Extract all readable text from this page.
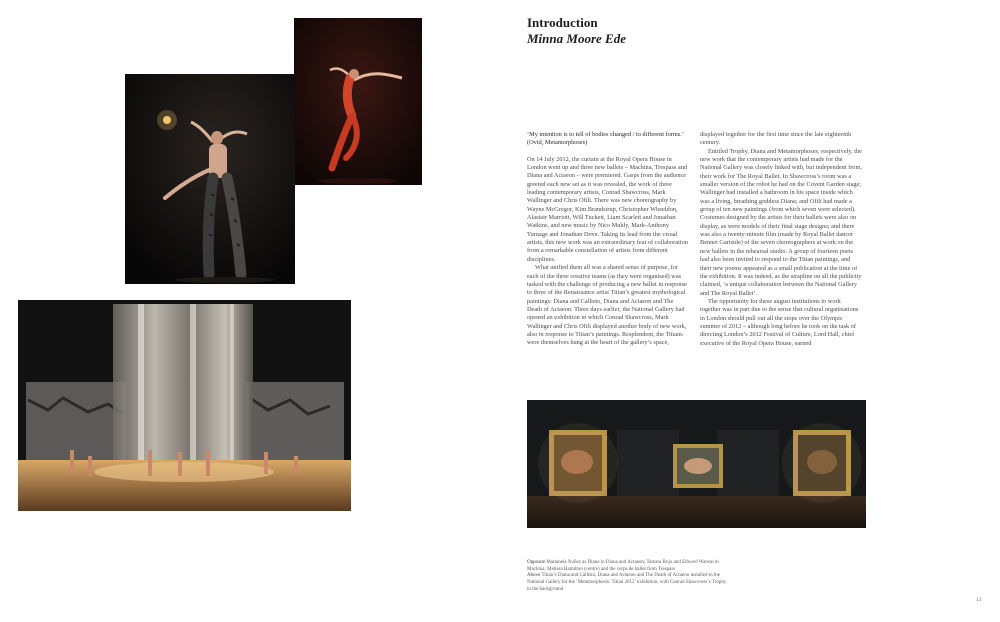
Introduction
Minna Moore Ede

‘My intention is to tell of bodies changed / to different forms.’ (Ovid, Metamorphoses)

On 14 July 2012, the curtain at the Royal Opera House in London went up and three new ballets – Machina, Trespass and Diana and Actaeon – were premiered. Gasps from the audience greeted each new set as it was revealed, the work of three leading contemporary artists, Conrad Shawcross, Mark Wallinger and Chris Ofili. There was new choreography by Wayne McGregor, Kim Brandstrup, Christopher Wheeldon, Alastair Marriott, Will Tuckett, Liam Scarlett and Jonathan Watkins, and new music by Nico Muhly, Mark-Anthony Turnage and Jonathan Dove. Taking its lead from the visual artists, this new work was an extraordinary feat of collaboration from a remarkable constellation of artists from different disciplines.

What unified them all was a shared sense of purpose, for each of the three creative teams (as they were organised) was tasked with the challenge of producing a new ballet in response to three of the Renaissance artist Titian’s greatest mythological paintings: Diana and Callisto, Diana and Actaeon and The Death of Actaeon. Three days earlier, the National Gallery had opened an exhibition in which Conrad Shawcross, Mark Wallinger and Chris Ofili displayed another body of new work, also in response to Titian’s paintings. Resplendent, the Titians were themselves hung at the heart of the gallery’s space,

displayed together for the first time since the late eighteenth century.

Entitled Trophy, Diana and Metamorphoses, respectively, the new work that the contemporary artists had made for the National Gallery was closely linked with, but independent from, their work for The Royal Ballet. In Shawcross’s room was a smaller version of the robot he had on the Covent Garden stage; Wallinger had installed a bathroom in his space inside which was a living, breathing goddess Diana; and Ofili had made a group of ten new paintings (from which seven were selected). Costumes designed by the artists for their ballets were also on display, as were models of their final stage designs; and there was also a twenty-minute film (made by Royal Ballet dancer Bennet Gartside) of the seven choreographers at work on the new ballets in the rehearsal studio. A group of fourteen poets had also been invited to respond to the Titian paintings, and their new poems appeared as a small publication at the time of the exhibition. It was indeed, as the strapline on all the publicity claimed, ‘a unique collaboration between the National Gallery and The Royal Ballet’.

The opportunity for these august institutions to work together was in part due to the sense that cultural organisations in London should pull out all the stops over the Olympic summer of 2012 – although long before he took on the task of directing London’s 2012 Festival of Culture, Lord Hall, chief executive of the Royal Opera House, earned

Opposite Marianela Nuñez as Diana in Diana and Actaeon; Tamara Rojo and Edward Watson in Machina; Melissa Hamilton (centre) and the corps de ballet from Trespass

Above Titian’s Diana and Callisto, Diana and Actaeon and The Death of Actaeon installed in the National Gallery for the ‘Metamorphosis: Titian 2012’ exhibition, with Conrad Shawcross’s Trophy in the background

13
